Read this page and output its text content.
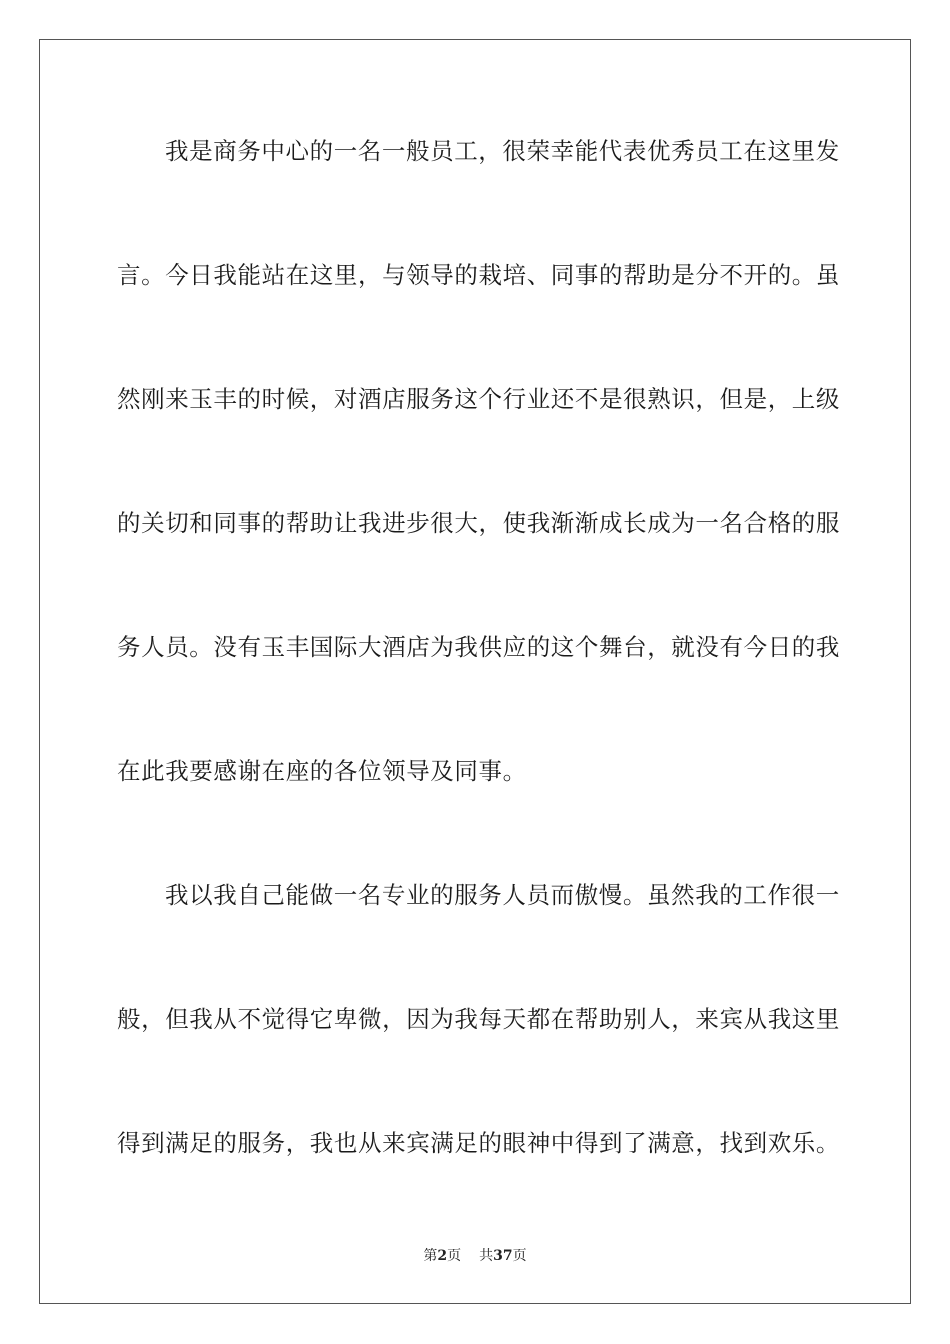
我是商务中心的一名一般员工，很荣幸能代表优秀员工在这里发
言。今日我能站在这里，与领导的栽培、同事的帮助是分不开的。虽
然刚来玉丰的时候，对酒店服务这个行业还不是很熟识，但是，上级
的关切和同事的帮助让我进步很大，使我渐渐成长成为一名合格的服
务人员。没有玉丰国际大酒店为我供应的这个舞台，就没有今日的我
在此我要感谢在座的各位领导及同事。
我以我自己能做一名专业的服务人员而傲慢。虽然我的工作很一
般，但我从不觉得它卑微，因为我每天都在帮助别人，来宾从我这里
得到满足的服务，我也从来宾满足的眼神中得到了满意，找到欢乐。
第2页 共37页
